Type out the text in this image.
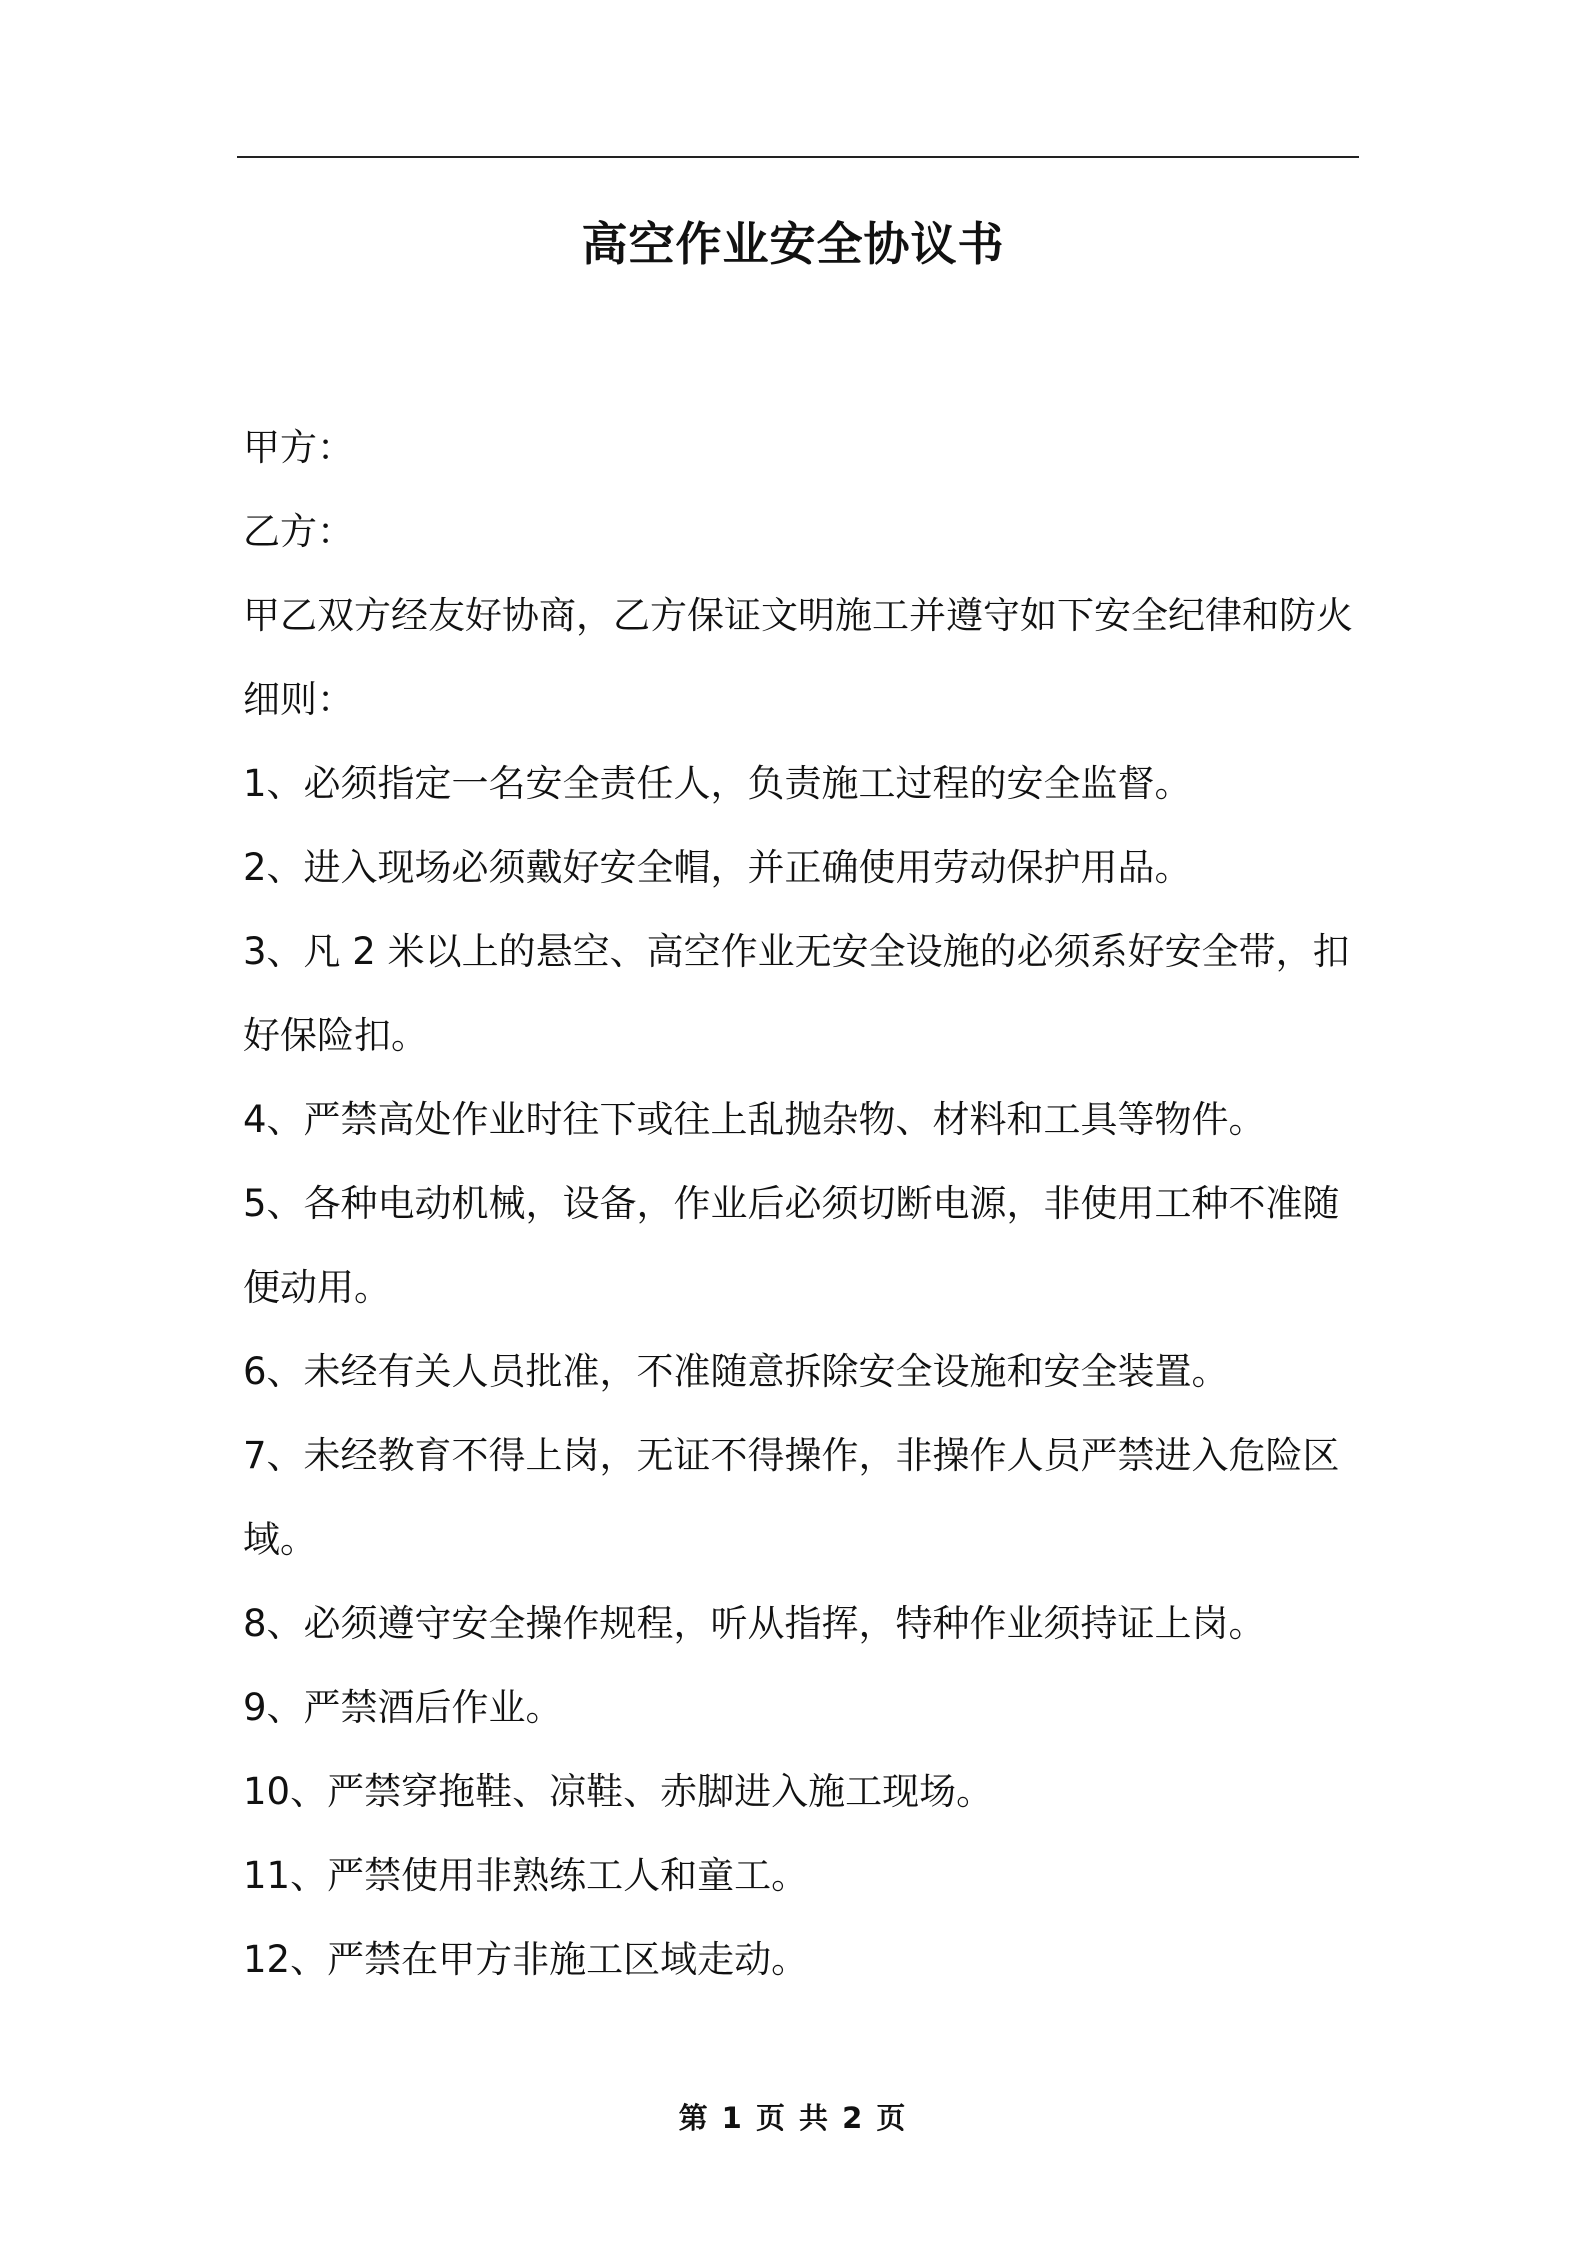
高空作业安全协议书
甲方：
乙方：
甲乙双方经友好协商，乙方保证文明施工并遵守如下安全纪律和防火
细则：
1、必须指定一名安全责任人，负责施工过程的安全监督。
2、进入现场必须戴好安全帽，并正确使用劳动保护用品。
3、凡 2 米以上的悬空、高空作业无安全设施的必须系好安全带，扣
好保险扣。
4、严禁高处作业时往下或往上乱抛杂物、材料和工具等物件。
5、各种电动机械，设备，作业后必须切断电源，非使用工种不准随
便动用。
6、未经有关人员批准，不准随意拆除安全设施和安全装置。
7、未经教育不得上岗，无证不得操作，非操作人员严禁进入危险区
域。
8、必须遵守安全操作规程，听从指挥，特种作业须持证上岗。
9、严禁酒后作业。
10、严禁穿拖鞋、凉鞋、赤脚进入施工现场。
11、严禁使用非熟练工人和童工。
12、严禁在甲方非施工区域走动。
第 1 页 共 2 页
